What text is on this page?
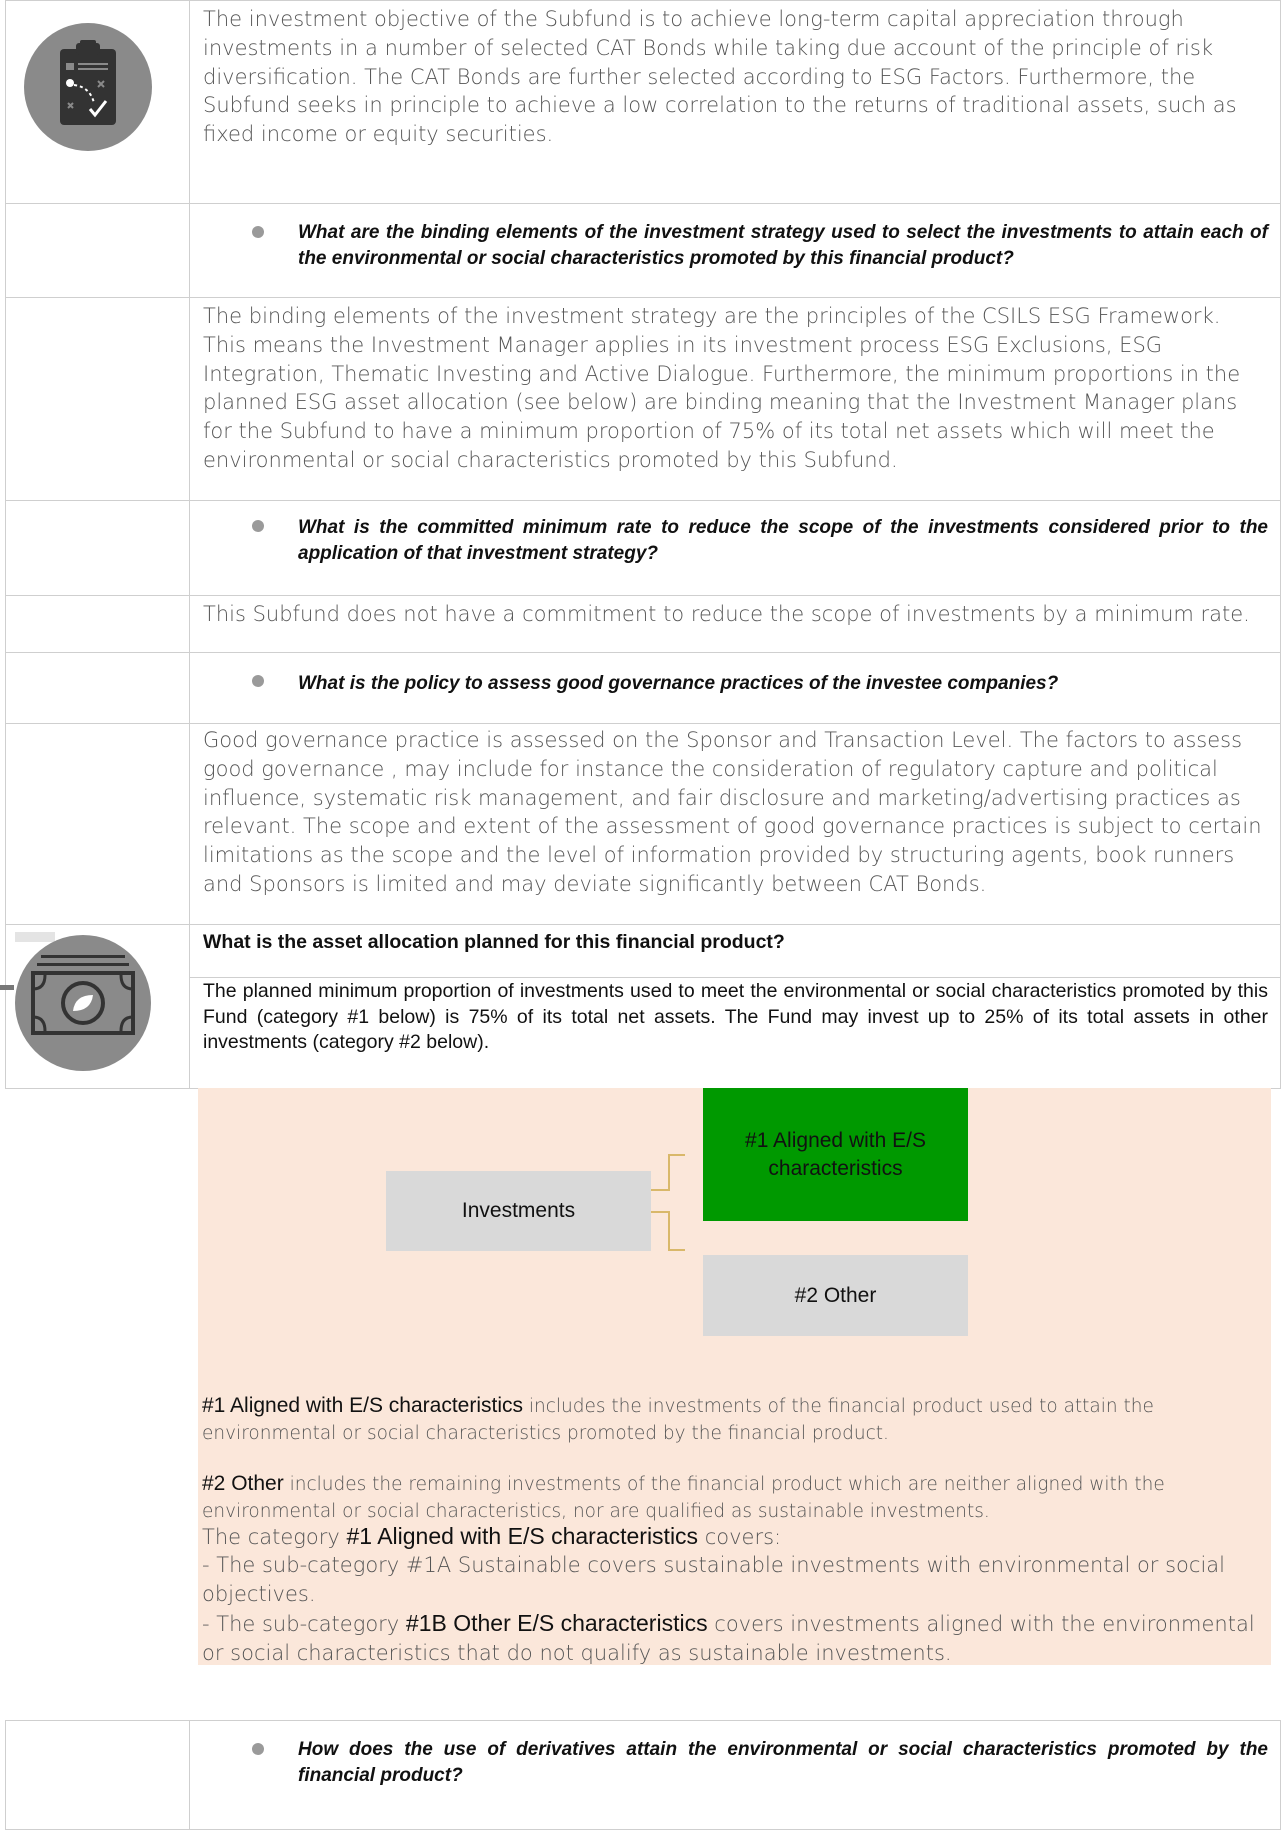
The investment objective of the Subfund is to achieve long-term capital appreciation through investments in a number of selected CAT Bonds while taking due account of the principle of risk diversification. The CAT Bonds are further selected according to ESG Factors. Furthermore, the Subfund seeks in principle to achieve a low correlation to the returns of traditional assets, such as fixed income or equity securities.
What are the binding elements of the investment strategy used to select the investments to attain each of the environmental or social characteristics promoted by this financial product?
The binding elements of the investment strategy are the principles of the CSILS ESG Framework. This means the Investment Manager applies in its investment process ESG Exclusions, ESG Integration, Thematic Investing and Active Dialogue. Furthermore, the minimum proportions in the planned ESG asset allocation (see below) are binding meaning that the Investment Manager plans for the Subfund to have a minimum proportion of 75% of its total net assets which will meet the environmental or social characteristics promoted by this Subfund.
What is the committed minimum rate to reduce the scope of the investments considered prior to the application of that investment strategy?
This Subfund does not have a commitment to reduce the scope of investments by a minimum rate.
What is the policy to assess good governance practices of the investee companies?
Good governance practice is assessed on the Sponsor and Transaction Level. The factors to assess good governance , may include for instance the consideration of regulatory capture and political influence, systematic risk management, and fair disclosure and marketing/advertising practices as relevant. The scope and extent of the assessment of good governance practices is subject to certain limitations as the scope and the level of information provided by structuring agents, book runners and Sponsors is limited and may deviate significantly between CAT Bonds.
What is the asset allocation planned for this financial product?
The planned minimum proportion of investments used to meet the environmental or social characteristics promoted by this Fund (category #1 below) is 75% of its total net assets. The Fund may invest up to 25% of its total assets in other investments (category #2 below).
Investments
#1 Aligned with E/S characteristics
#2 Other
#1 Aligned with E/S characteristics includes the investments of the financial product used to attain the environmental or social characteristics promoted by the financial product.
#2 Other includes the remaining investments of the financial product which are neither aligned with the environmental or social characteristics, nor are qualified as sustainable investments.
The category #1 Aligned with E/S characteristics covers:
- The sub-category #1A Sustainable covers sustainable investments with environmental or social objectives.
- The sub-category #1B Other E/S characteristics covers investments aligned with the environmental or social characteristics that do not qualify as sustainable investments.
How does the use of derivatives attain the environmental or social characteristics promoted by the financial product?
